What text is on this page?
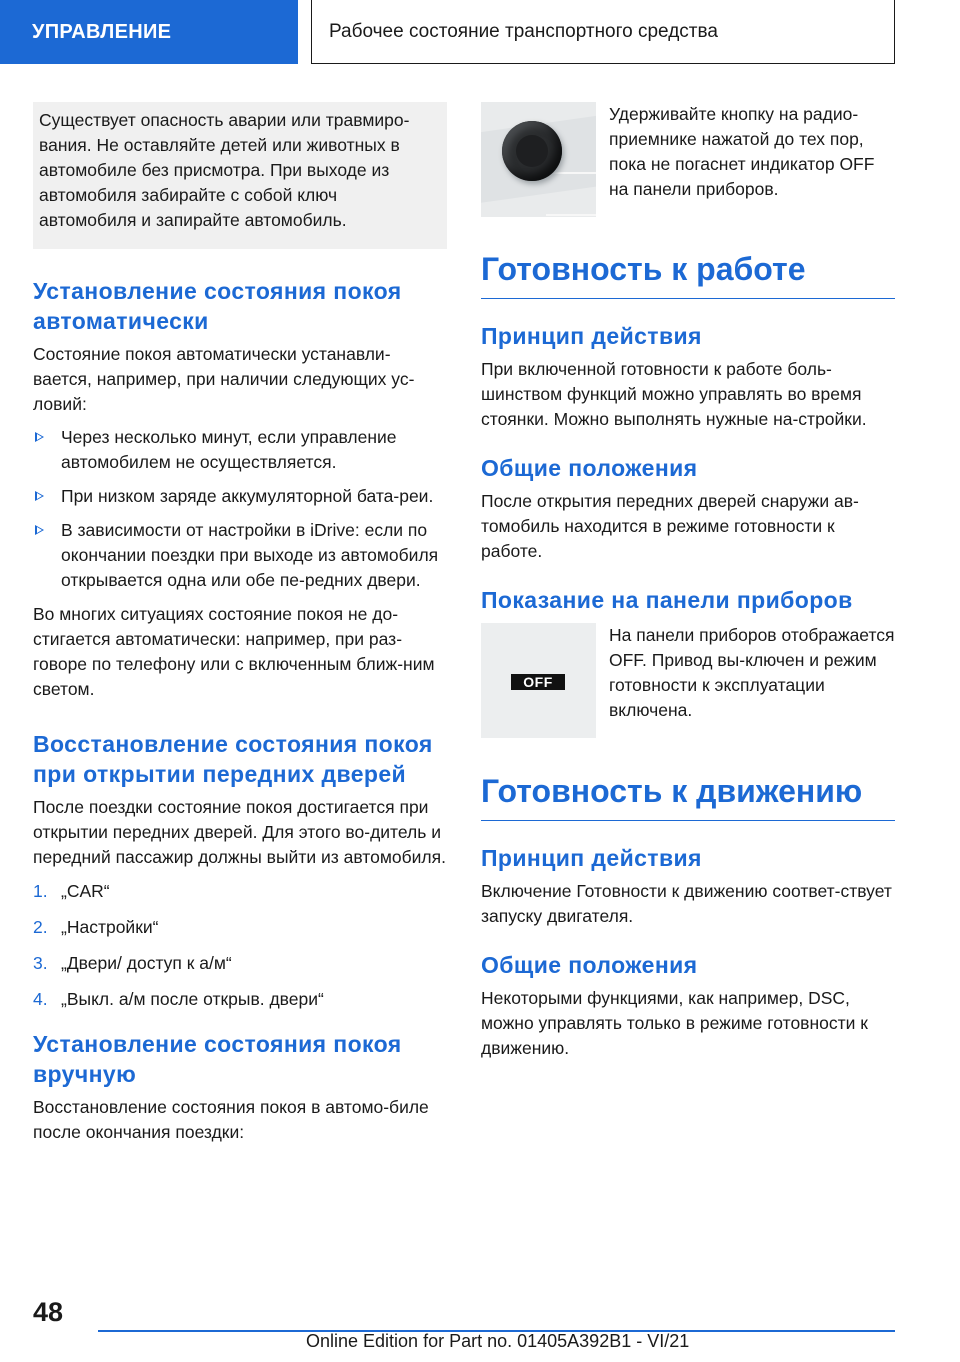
УПРАВЛЕНИЕ	Рабочее состояние транспортного средства

Существует опасность аварии или травмиро-вания. Не оставляйте детей или животных в автомобиле без присмотра. При выходе из автомобиля забирайте с собой ключ автомобиля и запирайте автомобиль.

Установление состояния покоя автоматически

Состояние покоя автоматически устанавли-вается, например, при наличии следующих ус-ловий:

Через несколько минут, если управление автомобилем не осуществляется.
При низком заряде аккумуляторной бата-реи.
В зависимости от настройки в iDrive: если по окончании поездки при выходе из автомобиля открывается одна или обе пе-редних двери.

Во многих ситуациях состояние покоя не до-стигается автоматически: например, при раз-говоре по телефону или с включенным ближ-ним светом.

Восстановление состояния покоя при открытии передних дверей

После поездки состояние покоя достигается при открытии передних дверей. Для этого во-дитель и передний пассажир должны выйти из автомобиля.

1. „CAR“
2. „Настройки“
3. „Двери/ доступ к а/м“
4. „Выкл. а/м после открыв. двери“
Установление состояния покоя вручную

Восстановление состояния покоя в автомо-биле после окончания поездки:

Удерживайте кнопку на радио-приемнике нажатой до тех пор, пока не погаснет индикатор OFF на панели приборов.
Готовность к работе
Принцип действия

При включенной готовности к работе боль-шинством функций можно управлять во время стоянки. Можно выполнять нужные на-стройки.

Общие положения

После открытия передних дверей снаружи ав-томобиль находится в режиме готовности к работе.

Показание на панели приборов
OFF
На панели приборов отображается OFF. Привод вы-ключен и режим готовности к эксплуатации включена.
Готовность к движению
Принцип действия

Включение Готовности к движению соответ-ствует запуску двигателя.

Общие положения

Некоторыми функциями, как например, DSC, можно управлять только в режиме готовности к движению.

48
Online Edition for Part no. 01405A392B1 - VI/21
